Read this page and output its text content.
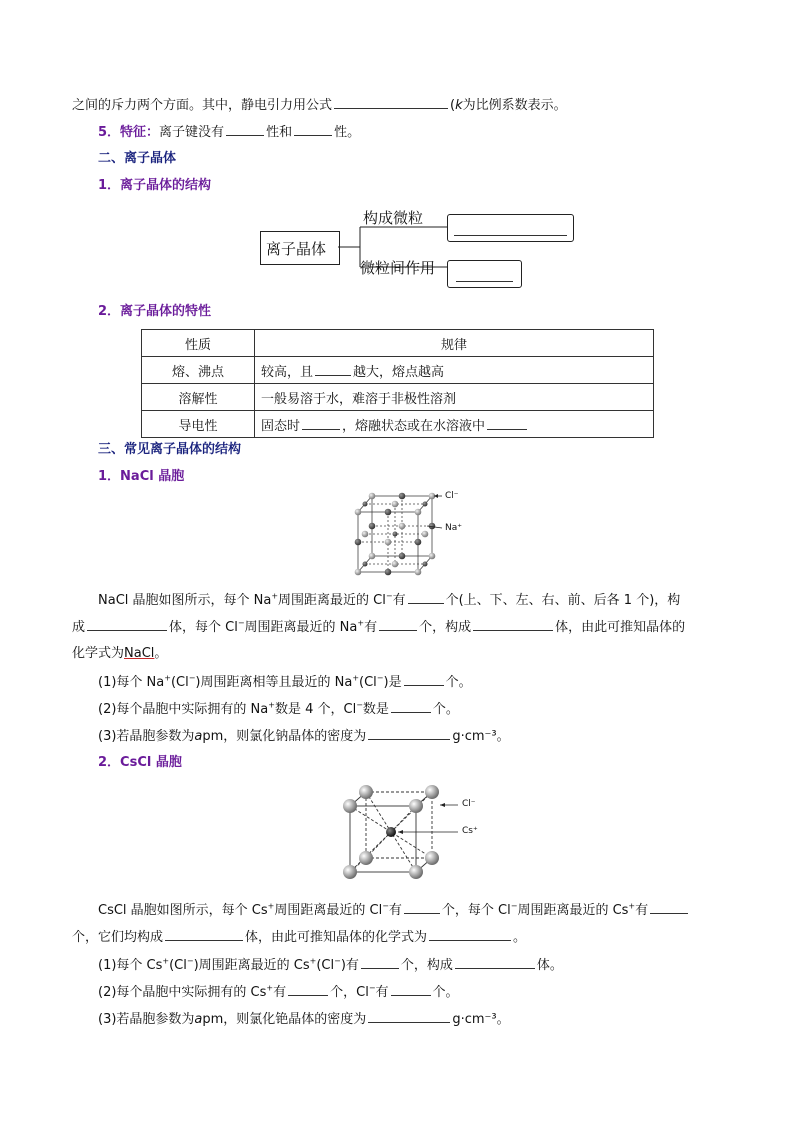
之间的斥力两个方面。其中，静电引力用公式	(k为比例系数表示。
5．特征：离子键没有	性和	性。
二、离子晶体
1．离子晶体的结构
离子晶体
构成微粒
微粒间作用
2．离子晶体的特性
性质	规律
熔、沸点	较高，且 越大，熔点越高
溶解性	一般易溶于水，难溶于非极性溶剂
导电性	固态时 ，熔融状态或在水溶液中
三、常见离子晶体的结构
1．NaCl 晶胞
Cl⁻
Na⁺
NaCl 晶胞如图所示，每个 Na+周围距离最近的 Cl−有	个(上、下、左、右、前、后各 1 个)，构
成	体，每个 Cl−周围距离最近的 Na+有	个，构成	体，由此可推知晶体的
化学式为NaCl。
(1)每个 Na+(Cl−)周围距离相等且最近的 Na+(Cl−)是	个。
(2)每个晶胞中实际拥有的 Na+数是 4 个，Cl−数是	个。
(3)若晶胞参数为apm，则氯化钠晶体的密度为	g·cm⁻³。
2．CsCl 晶胞
Cl⁻
Cs⁺
CsCl 晶胞如图所示，每个 Cs+周围距离最近的 Cl−有	个，每个 Cl−周围距离最近的 Cs+有
个，它们均构成	体，由此可推知晶体的化学式为	。
(1)每个 Cs+(Cl−)周围距离最近的 Cs+(Cl−)有	个，构成	体。
(2)每个晶胞中实际拥有的 Cs+有	个，Cl−有	个。
(3)若晶胞参数为apm，则氯化铯晶体的密度为	g·cm⁻³。
